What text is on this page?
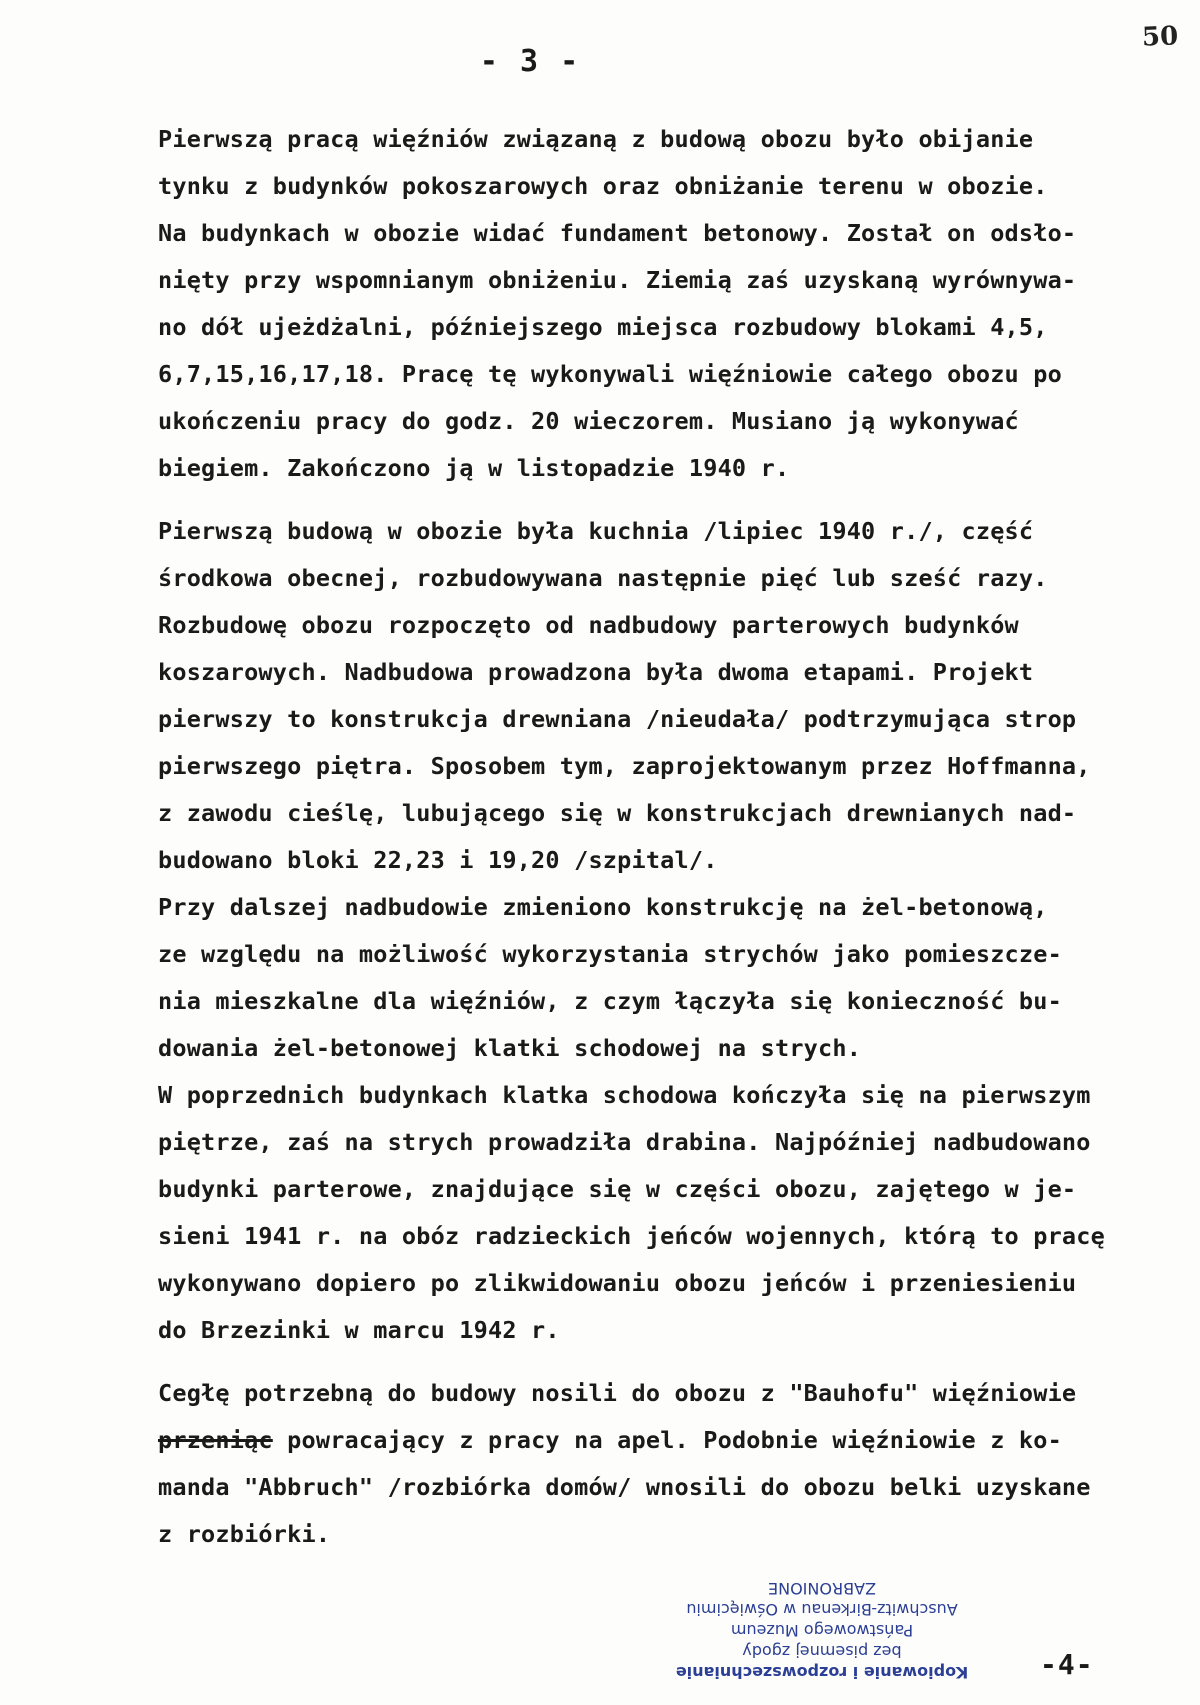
50
- 3 -
Pierwszą pracą więźniów związaną z budową obozu było obijanie
tynku z budynków pokoszarowych oraz obniżanie terenu w obozie.
Na budynkach w obozie widać fundament betonowy. Został on odsło-
nięty przy wspomnianym obniżeniu. Ziemią zaś uzyskaną wyrównywa-
no dół ujeżdżalni, późniejszego miejsca rozbudowy blokami 4,5,
6,7,15,16,17,18. Pracę tę wykonywali więźniowie całego obozu po
ukończeniu pracy do godz. 20 wieczorem. Musiano ją wykonywać
biegiem. Zakończono ją w listopadzie 1940 r.
Pierwszą budową w obozie była kuchnia /lipiec 1940 r./, część
środkowa obecnej, rozbudowywana następnie pięć lub sześć razy.
Rozbudowę obozu rozpoczęto od nadbudowy parterowych budynków
koszarowych. Nadbudowa prowadzona była dwoma etapami. Projekt
pierwszy to konstrukcja drewniana /nieudała/ podtrzymująca strop
pierwszego piętra. Sposobem tym, zaprojektowanym przez Hoffmanna,
z zawodu cieślę, lubującego się w konstrukcjach drewnianych nad-
budowano bloki 22,23 i 19,20 /szpital/.
Przy dalszej nadbudowie zmieniono konstrukcję na żel-betonową,
ze względu na możliwość wykorzystania strychów jako pomieszcze-
nia mieszkalne dla więźniów, z czym łączyła się konieczność bu-
dowania żel-betonowej klatki schodowej na strych.
W poprzednich budynkach klatka schodowa kończyła się na pierwszym
piętrze, zaś na strych prowadziła drabina. Najpóźniej nadbudowano
budynki parterowe, znajdujące się w części obozu, zajętego w je-
sieni 1941 r. na obóz radzieckich jeńców wojennych, którą to pracę
wykonywano dopiero po zlikwidowaniu obozu jeńców i przeniesieniu
do Brzezinki w marcu 1942 r.
Cegłę potrzebną do budowy nosili do obozu z "Bauhofu" więźniowie
przeniąc powracający z pracy na apel. Podobnie więźniowie z ko-
manda "Abbruch" /rozbiórka domów/ wnosili do obozu belki uzyskane
z rozbiórki.
Kopiowanie i rozpowszechnianie
bez pisemnej zgody
Państwowego Muzeum
Auschwitz-Birkenau w Oświęcimiu
ZABRONIONE
-4-
